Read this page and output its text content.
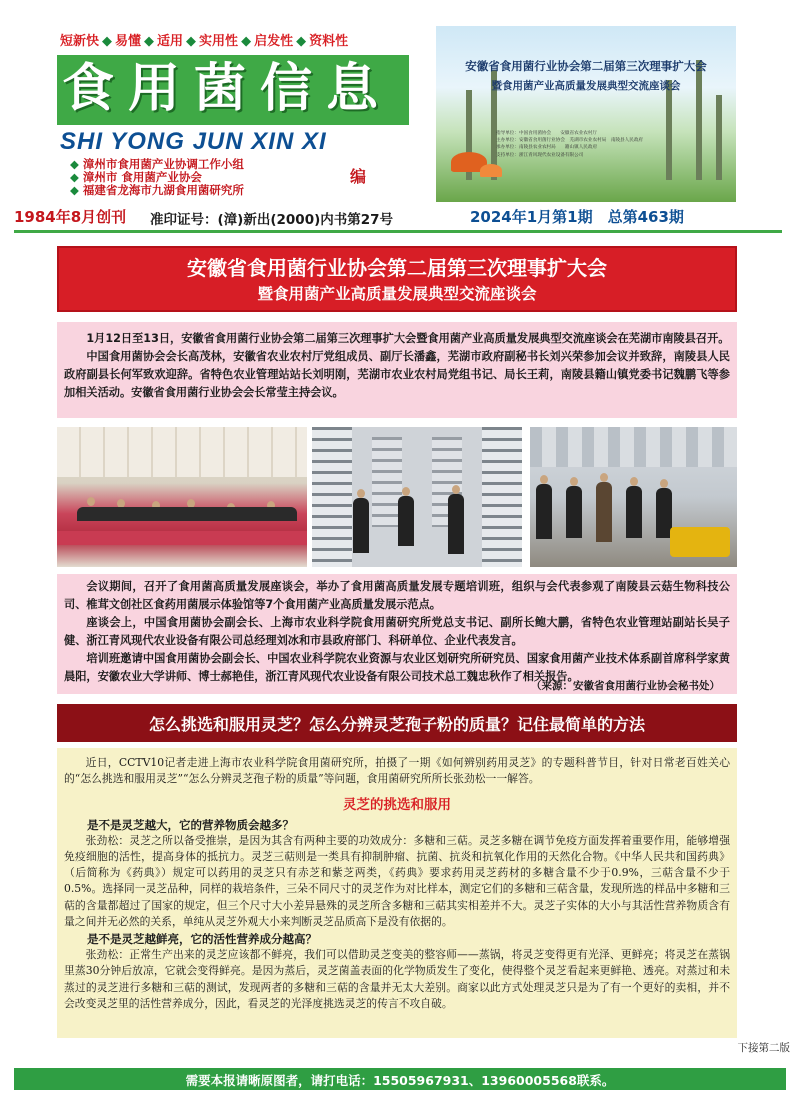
短新快 ◆ 易懂 ◆ 适用 ◆ 实用性 ◆ 启发性 ◆ 资料性
食用菌信息
SHI YONG JUN XIN XI
◆ 漳州市食用菌产业协调工作小组
◆ 漳州市 食用菌产业协会
◆ 福建省龙海市九湖食用菌研究所
编
1984年8月创刊	准印证号：(漳)新出(2000)内书第27号	2024年1月第1期　总第463期
安徽省食用菌行业协会第二届第三次理事扩大会
暨食用菌产业高质量发展典型交流座谈会
指导单位：中国食用菌协会　　安徽省农业农村厅
主办单位：安徽省食用菌行业协会　芜湖市农业农村局　南陵县人民政府
承办单位：南陵县农业农村局　　籍山镇人民政府
支持单位：浙江青风现代农业设备有限公司
安徽省食用菌行业协会第二届第三次理事扩大会
暨食用菌产业高质量发展典型交流座谈会

1月12日至13日，安徽省食用菌行业协会第二届第三次理事扩大会暨食用菌产业高质量发展典型交流座谈会在芜湖市南陵县召开。

中国食用菌协会会长高茂林，安徽省农业农村厅党组成员、副厅长潘鑫，芜湖市政府副秘书长刘兴荣参加会议并致辞，南陵县人民政府副县长何军致欢迎辞。省特色农业管理站站长刘明刚，芜湖市农业农村局党组书记、局长王莉，南陵县籍山镇党委书记魏鹏飞等参加相关活动。安徽省食用菌行业协会会长常莹主持会议。

会议期间，召开了食用菌高质量发展座谈会，举办了食用菌高质量发展专题培训班，组织与会代表参观了南陵县云菇生物科技公司、椎茸文创社区食药用菌展示体验馆等7个食用菌产业高质量发展示范点。

座谈会上，中国食用菌协会副会长、上海市农业科学院食用菌研究所党总支书记、副所长鲍大鹏，省特色农业管理站副站长吴子健、浙江青风现代农业设备有限公司总经理刘冰和市县政府部门、科研单位、企业代表发言。

培训班邀请中国食用菌协会副会长、中国农业科学院农业资源与农业区划研究所研究员、国家食用菌产业技术体系副首席科学家黄晨阳，安徽农业大学讲师、博士郝艳佳，浙江青风现代农业设备有限公司技术总工魏忠秋作了相关报告。

（来源：安徽省食用菌行业协会秘书处）
怎么挑选和服用灵芝？怎么分辨灵芝孢子粉的质量？记住最简单的方法

近日，CCTV10记者走进上海市农业科学院食用菌研究所，拍摄了一期《如何辨别药用灵芝》的专题科普节目，针对日常老百姓关心的“怎么挑选和服用灵芝”“怎么分辨灵芝孢子粉的质量”等问题，食用菌研究所所长张劲松一一解答。

灵芝的挑选和服用
是不是灵芝越大，它的营养物质会越多？

张劲松：灵芝之所以备受推崇，是因为其含有两种主要的功效成分：多糖和三萜。灵芝多糖在调节免疫方面发挥着重要作用，能够增强免疫细胞的活性，提高身体的抵抗力。灵芝三萜则是一类具有抑制肿瘤、抗菌、抗炎和抗氧化作用的天然化合物。《中华人民共和国药典》（后简称为《药典》）规定可以药用的灵芝只有赤芝和紫芝两类，《药典》要求药用灵芝药材的多糖含量不少于0.9%，三萜含量不少于0.5%。选择同一灵芝品种，同样的栽培条件，三朵不同尺寸的灵芝作为对比样本，测定它们的多糖和三萜含量，发现所选的样品中多糖和三萜的含量都超过了国家的规定，但三个尺寸大小差异悬殊的灵芝所含多糖和三萜其实相差并不大。灵芝子实体的大小与其活性营养物质含有量之间并无必然的关系，单纯从灵芝外观大小来判断灵芝品质高下是没有依据的。

是不是灵芝越鲜亮，它的活性营养成分越高？

张劲松：正常生产出来的灵芝应该都不鲜亮，我们可以借助灵芝变美的整容师——蒸锅，将灵芝变得更有光泽、更鲜亮；将灵芝在蒸锅里蒸30分钟后放凉，它就会变得鲜亮。是因为蒸后，灵芝菌盖表面的化学物质发生了变化，使得整个灵芝看起来更鲜艳、透亮。对蒸过和未蒸过的灵芝进行多糖和三萜的测试，发现两者的多糖和三萜的含量并无太大差别。商家以此方式处理灵芝只是为了有一个更好的卖相，并不会改变灵芝里的活性营养成分，因此，看灵芝的光泽度挑选灵芝的传言不攻自破。

下接第二版
需要本报请晰原图者，请打电话：15505967931、13960005568联系。
